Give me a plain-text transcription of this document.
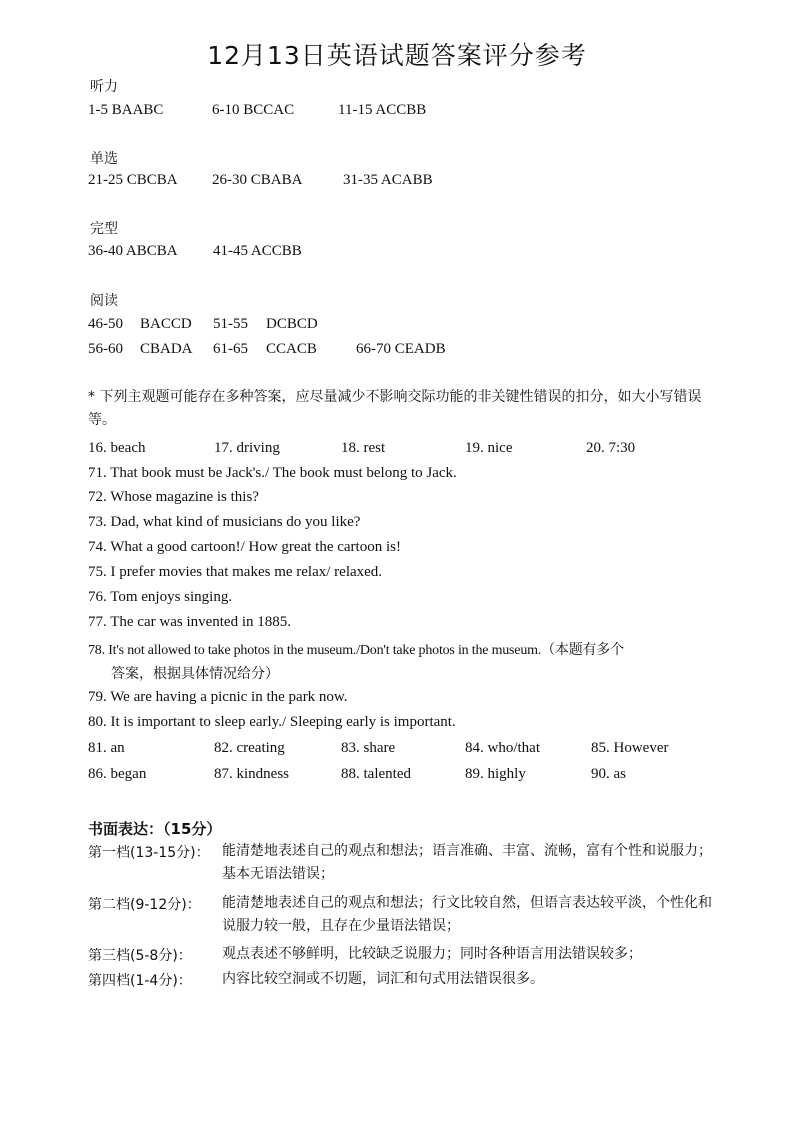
12月13日英语试题答案评分参考
听力
1-5 BAABC	6-10 BCCAC	11-15 ACCBB
单选
21-25 CBCBA 26-30 CBABA	31-35 ACABB
完型
36-40 ABCBA 41-45 ACCBB
阅读
46-50 BACCD 51-55 DCBCD
56-60 CBADA 61-65 CCACB	66-70 CEADB
* 下列主观题可能存在多种答案，应尽量减少不影响交际功能的非关键性错误的扣分，如大小写错误等。
16. beach	17. driving	18. rest	19. nice	20. 7:30
71. That book must be Jack's./ The book must belong to Jack.
72. Whose magazine is this?
73. Dad, what kind of musicians do you like?
74. What a good cartoon!/ How great the cartoon is!
75. I prefer movies that makes me relax/ relaxed.
76. Tom enjoys singing.
77. The car was invented in 1885.
78. It's not allowed to take photos in the museum./Don't take photos in the museum.（本题有多个
答案，根据具体情况给分）
79. We are having a picnic in the park now.
80. It is important to sleep early./ Sleeping early is important.
81. an	82. creating	83. share	84. who/that	85. However
86. began	87. kindness	88. talented	89. highly	90. as
书面表达：（15分）
第一档(13-15分)： 能清楚地表述自己的观点和想法；语言准确、丰富、流畅，富有个性和说服力；基本无语法错误；
第二档(9-12分)： 能清楚地表述自己的观点和想法；行文比较自然，但语言表达较平淡，个性化和说服力较一般，且存在少量语法错误；
第三档(5-8分)： 观点表述不够鲜明，比较缺乏说服力；同时各种语言用法错误较多；
第四档(1-4分)： 内容比较空洞或不切题，词汇和句式用法错误很多。
